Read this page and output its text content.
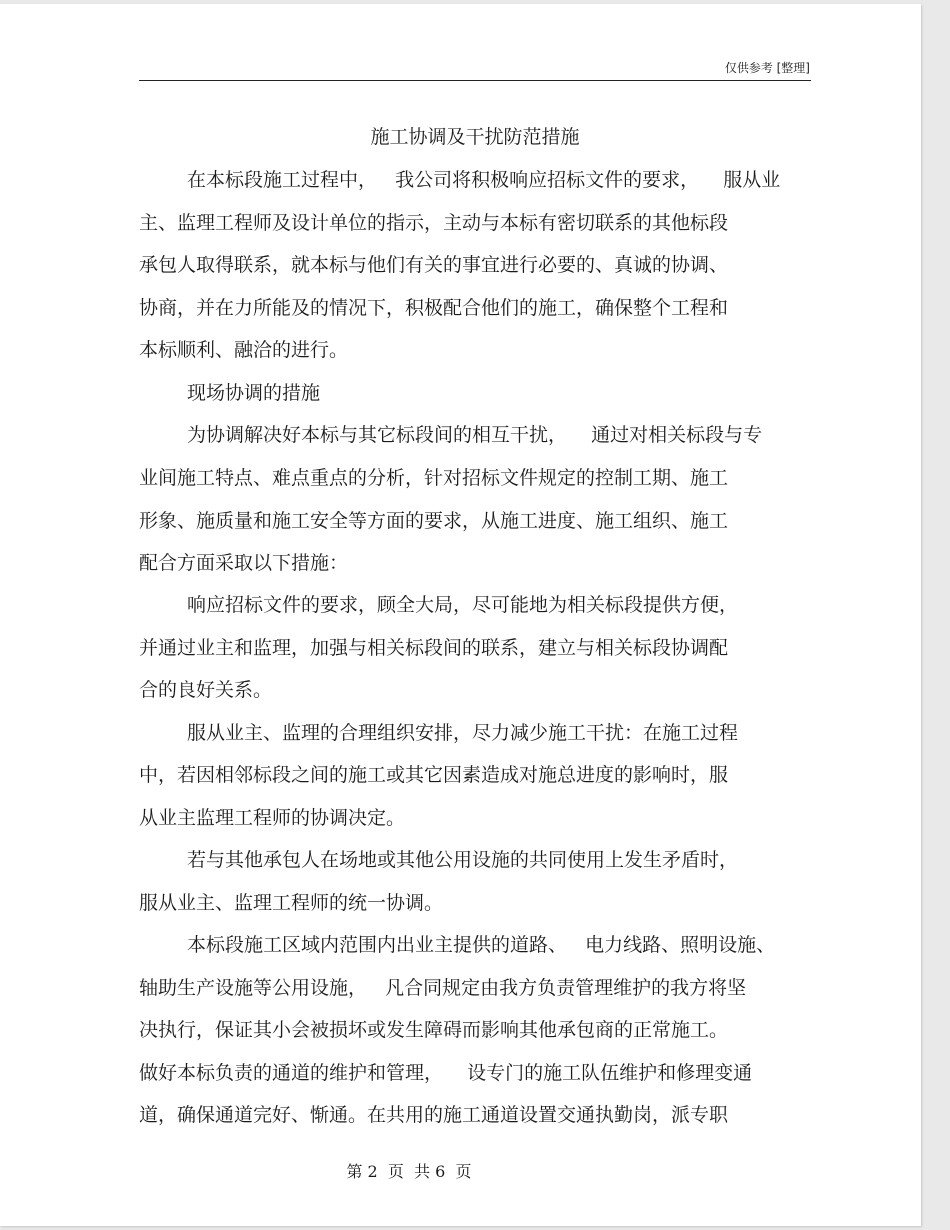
仅供参考 [整理]
施工协调及干扰防范措施
在本标段施工过程中，   我公司将积极响应招标文件的要求，    服从业
主、监理工程师及设计单位的指示，主动与本标有密切联系的其他标段
承包人取得联系，就本标与他们有关的事宜进行必要的、真诚的协调、
协商，并在力所能及的情况下，积极配合他们的施工，确保整个工程和
本标顺利、融洽的进行。
现场协调的措施
为协调解决好本标与其它标段间的相互干扰，    通过对相关标段与专
业间施工特点、难点重点的分析，针对招标文件规定的控制工期、施工
形象、施质量和施工安全等方面的要求，从施工进度、施工组织、施工
配合方面采取以下措施：
响应招标文件的要求，顾全大局，尽可能地为相关标段提供方便，
并通过业主和监理，加强与相关标段间的联系，建立与相关标段协调配
合的良好关系。
服从业主、监理的合理组织安排，尽力减少施工干扰：在施工过程
中，若因相邻标段之间的施工或其它因素造成对施总进度的影响时，服
从业主监理工程师的协调决定。
若与其他承包人在场地或其他公用设施的共同使用上发生矛盾时，
服从业主、监理工程师的统一协调。
本标段施工区域内范围内出业主提供的道路、   电力线路、照明设施、
轴助生产设施等公用设施，   凡合同规定由我方负责管理维护的我方将坚
决执行，保证其小会被损坏或发生障碍而影响其他承包商的正常施工。
做好本标负责的通道的维护和管理，    设专门的施工队伍维护和修理变通
道，确保通道完好、惭通。在共用的施工通道设置交通执勤岗，派专职
第 2  页  共 6  页
